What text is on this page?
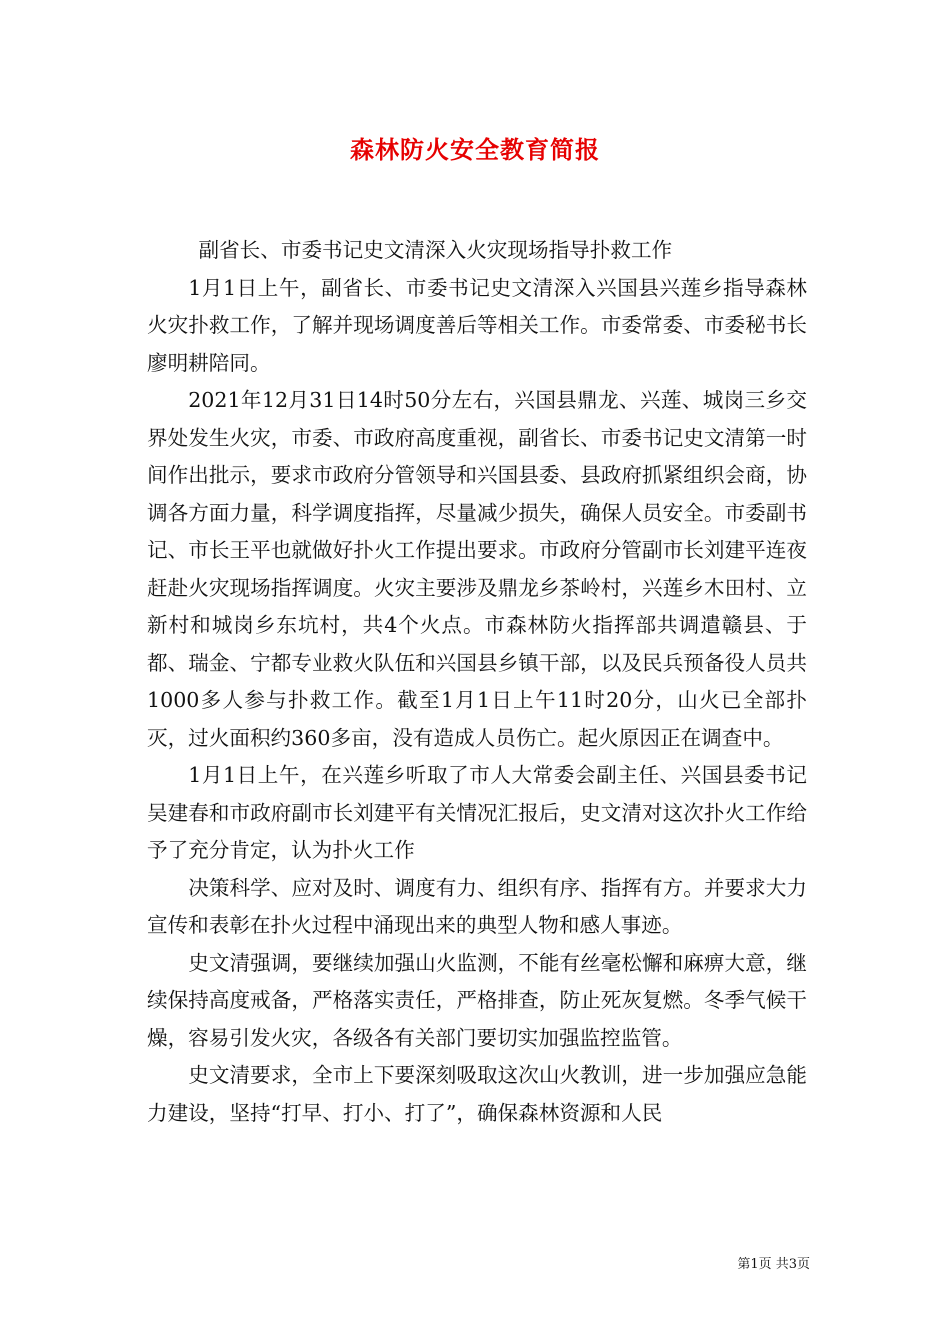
森林防火安全教育简报

副省长、市委书记史文清深入火灾现场指导扑救工作

1月1日上午，副省长、市委书记史文清深入兴国县兴莲乡指导森林火灾扑救工作，了解并现场调度善后等相关工作。市委常委、市委秘书长廖明耕陪同。

2021年12月31日14时50分左右，兴国县鼎龙、兴莲、城岗三乡交界处发生火灾，市委、市政府高度重视，副省长、市委书记史文清第一时间作出批示，要求市政府分管领导和兴国县委、县政府抓紧组织会商，协调各方面力量，科学调度指挥，尽量减少损失，确保人员安全。市委副书记、市长王平也就做好扑火工作提出要求。市政府分管副市长刘建平连夜赶赴火灾现场指挥调度。火灾主要涉及鼎龙乡茶岭村，兴莲乡木田村、立新村和城岗乡东坑村，共4个火点。市森林防火指挥部共调遣赣县、于都、瑞金、宁都专业救火队伍和兴国县乡镇干部，以及民兵预备役人员共1000多人参与扑救工作。截至1月1日上午11时20分，山火已全部扑灭，过火面积约360多亩，没有造成人员伤亡。起火原因正在调查中。

1月1日上午，在兴莲乡听取了市人大常委会副主任、兴国县委书记吴建春和市政府副市长刘建平有关情况汇报后，史文清对这次扑火工作给予了充分肯定，认为扑火工作

决策科学、应对及时、调度有力、组织有序、指挥有方。并要求大力宣传和表彰在扑火过程中涌现出来的典型人物和感人事迹。

史文清强调，要继续加强山火监测，不能有丝毫松懈和麻痹大意，继续保持高度戒备，严格落实责任，严格排查，防止死灰复燃。冬季气候干燥，容易引发火灾，各级各有关部门要切实加强监控监管。

史文清要求，全市上下要深刻吸取这次山火教训，进一步加强应急能力建设，坚持“打早、打小、打了”，确保森林资源和人民

第1页 共3页
